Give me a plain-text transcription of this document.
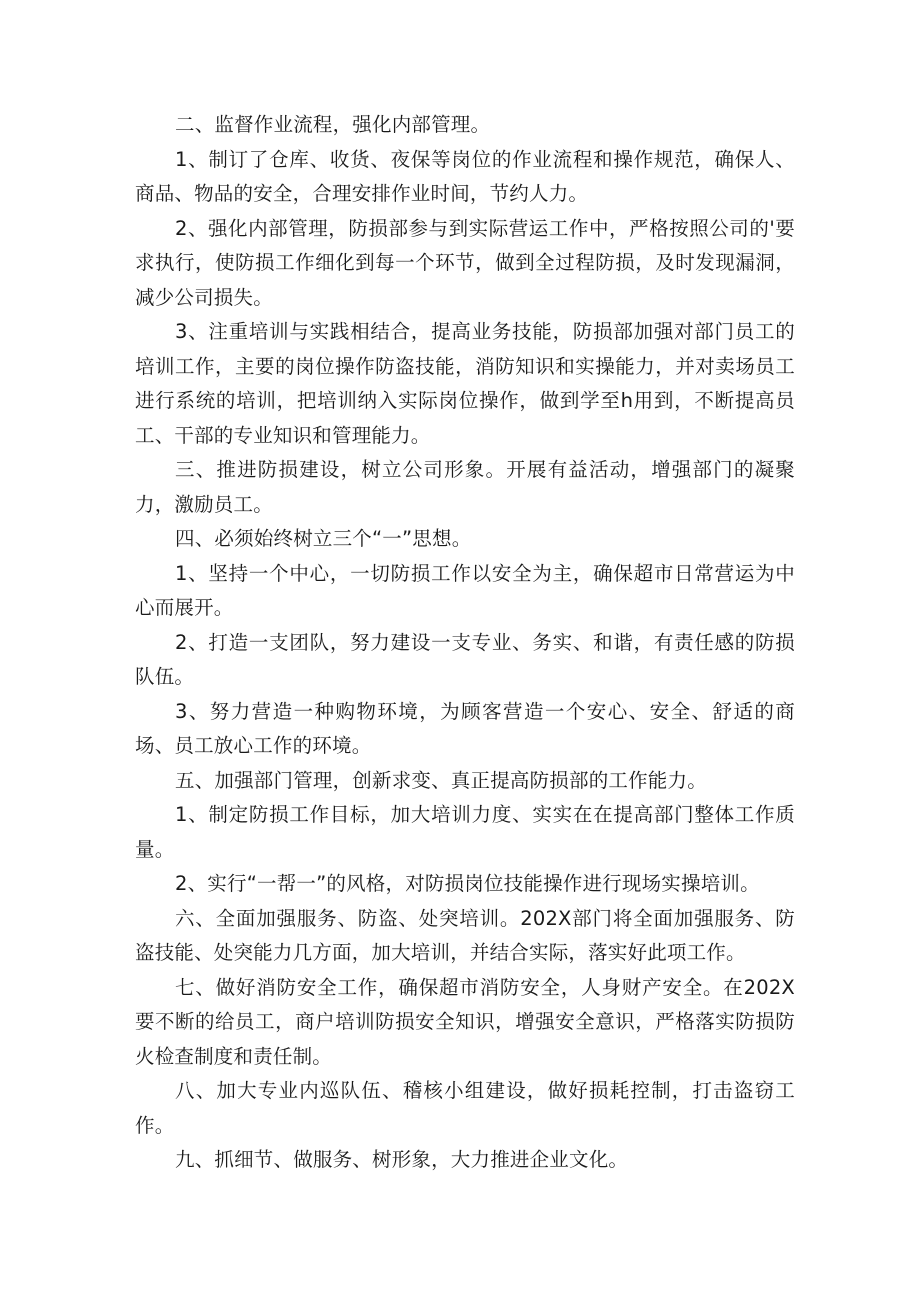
二、监督作业流程，强化内部管理。

1、制订了仓库、收货、夜保等岗位的作业流程和操作规范，确保人、商品、物品的安全，合理安排作业时间，节约人力。

2、强化内部管理，防损部参与到实际营运工作中，严格按照公司的'要求执行，使防损工作细化到每一个环节，做到全过程防损，及时发现漏洞，减少公司损失。

3、注重培训与实践相结合，提高业务技能，防损部加强对部门员工的培训工作，主要的岗位操作防盗技能，消防知识和实操能力，并对卖场员工进行系统的培训，把培训纳入实际岗位操作，做到学至h用到，不断提高员工、干部的专业知识和管理能力。

三、推进防损建设，树立公司形象。开展有益活动，增强部门的凝聚力，激励员工。

四、必须始终树立三个“一”思想。

1、坚持一个中心，一切防损工作以安全为主，确保超市日常营运为中心而展开。

2、打造一支团队，努力建设一支专业、务实、和谐，有责任感的防损队伍。

3、努力营造一种购物环境，为顾客营造一个安心、安全、舒适的商场、员工放心工作的环境。

五、加强部门管理，创新求变、真正提高防损部的工作能力。

1、制定防损工作目标，加大培训力度、实实在在提高部门整体工作质量。

2、实行“一帮一”的风格，对防损岗位技能操作进行现场实操培训。

六、全面加强服务、防盗、处突培训。202X部门将全面加强服务、防盗技能、处突能力几方面，加大培训，并结合实际，落实好此项工作。

七、做好消防安全工作，确保超市消防安全，人身财产安全。在202X要不断的给员工，商户培训防损安全知识，增强安全意识，严格落实防损防火检查制度和责任制。

八、加大专业内巡队伍、稽核小组建设，做好损耗控制，打击盗窃工作。

九、抓细节、做服务、树形象，大力推进企业文化。
